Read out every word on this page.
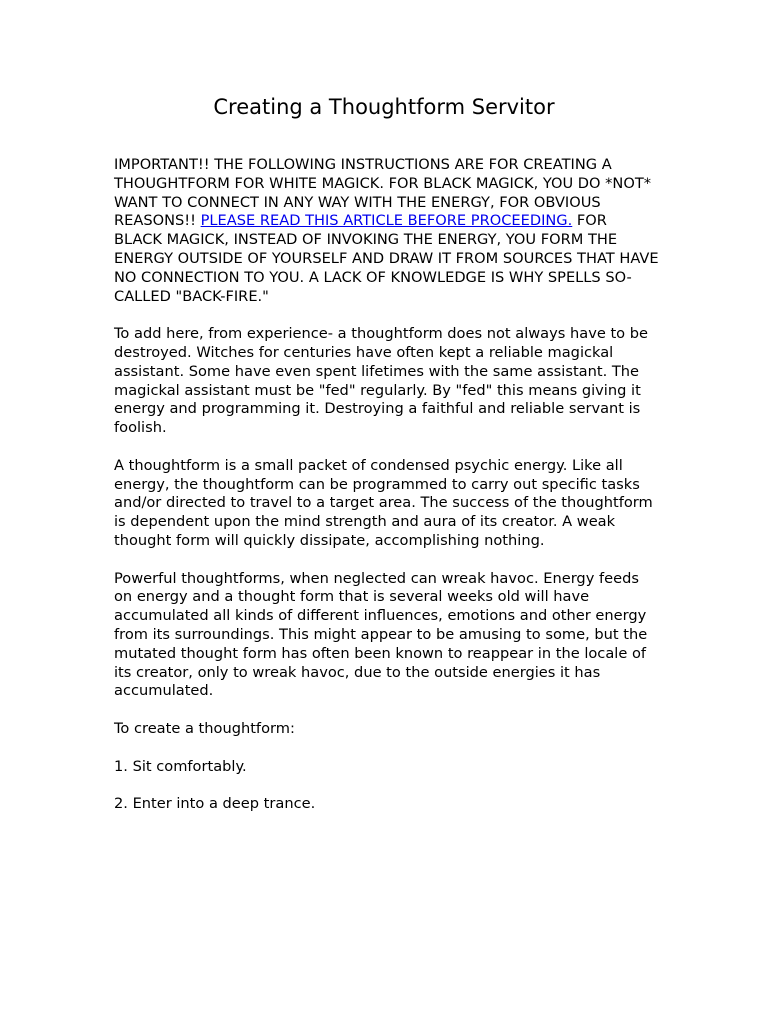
Creating a Thoughtform Servitor

IMPORTANT!! THE FOLLOWING INSTRUCTIONS ARE FOR CREATING A THOUGHTFORM FOR WHITE MAGICK. FOR BLACK MAGICK, YOU DO *NOT* WANT TO CONNECT IN ANY WAY WITH THE ENERGY, FOR OBVIOUS REASONS!! PLEASE READ THIS ARTICLE BEFORE PROCEEDING. FOR BLACK MAGICK, INSTEAD OF INVOKING THE ENERGY, YOU FORM THE ENERGY OUTSIDE OF YOURSELF AND DRAW IT FROM SOURCES THAT HAVE NO CONNECTION TO YOU. A LACK OF KNOWLEDGE IS WHY SPELLS SO-CALLED "BACK-FIRE."

To add here, from experience- a thoughtform does not always have to be destroyed. Witches for centuries have often kept a reliable magickal assistant. Some have even spent lifetimes with the same assistant. The magickal assistant must be "fed" regularly. By "fed" this means giving it energy and programming it. Destroying a faithful and reliable servant is foolish.

A thoughtform is a small packet of condensed psychic energy. Like all energy, the thoughtform can be programmed to carry out specific tasks and/or directed to travel to a target area. The success of the thoughtform is dependent upon the mind strength and aura of its creator. A weak thought form will quickly dissipate, accomplishing nothing.

Powerful thoughtforms, when neglected can wreak havoc. Energy feeds on energy and a thought form that is several weeks old will have accumulated all kinds of different influences, emotions and other energy from its surroundings. This might appear to be amusing to some, but the mutated thought form has often been known to reappear in the locale of its creator, only to wreak havoc, due to the outside energies it has accumulated.

To create a thoughtform:

1. Sit comfortably.

2. Enter into a deep trance.
